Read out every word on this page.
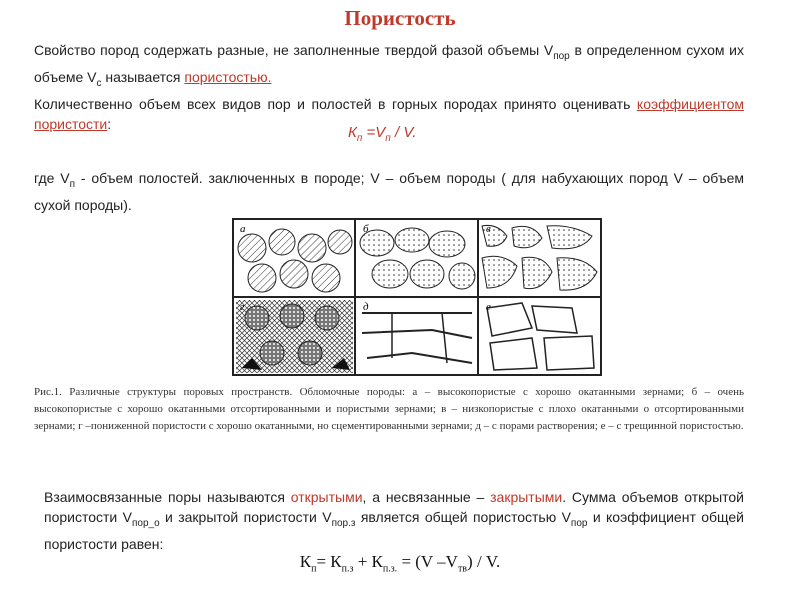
Пористость
Свойство пород содержать разные, не заполненные твердой фазой объемы $V_{пор}$ в определенном сухом их объеме $V_с$ называется пористостью.
Количественно объем всех видов пор и полостей в горных породах принято оценивать коэффициентом пористости:
$К_п =V_п / V$.
где $V_п$ - объем полостей. заключенных в породе; V – объем породы ( для набухающих пород V – объем сухой породы).
а	б	в
г	д	е
Рис.1. Различные структуры поровых пространств. Обломочные породы: а – высокопористые с хорошо окатанными зернами; б – очень высокопористые с хорошо окатанными отсортированными и пористыми зернами; в – низкопористые с плохо окатанными о отсортированными зернами; г –пониженной пористости с хорошо окатанными, но сцементированными зернами; д – с порами растворения; е – с трещинной пористостью.
Взаимосвязанные поры называются открытыми, а несвязанные – закрытыми. Сумма объемов открытой пористости $V_{пор\_о}$ и закрытой пористости $V_{пор.з}$ является общей пористостью $V_{пор}$ и коэффициент общей пористости равен:
$К_п= К_{п.з} + К_{п.з.} = (V$ $-V_{тв}$) / V.
